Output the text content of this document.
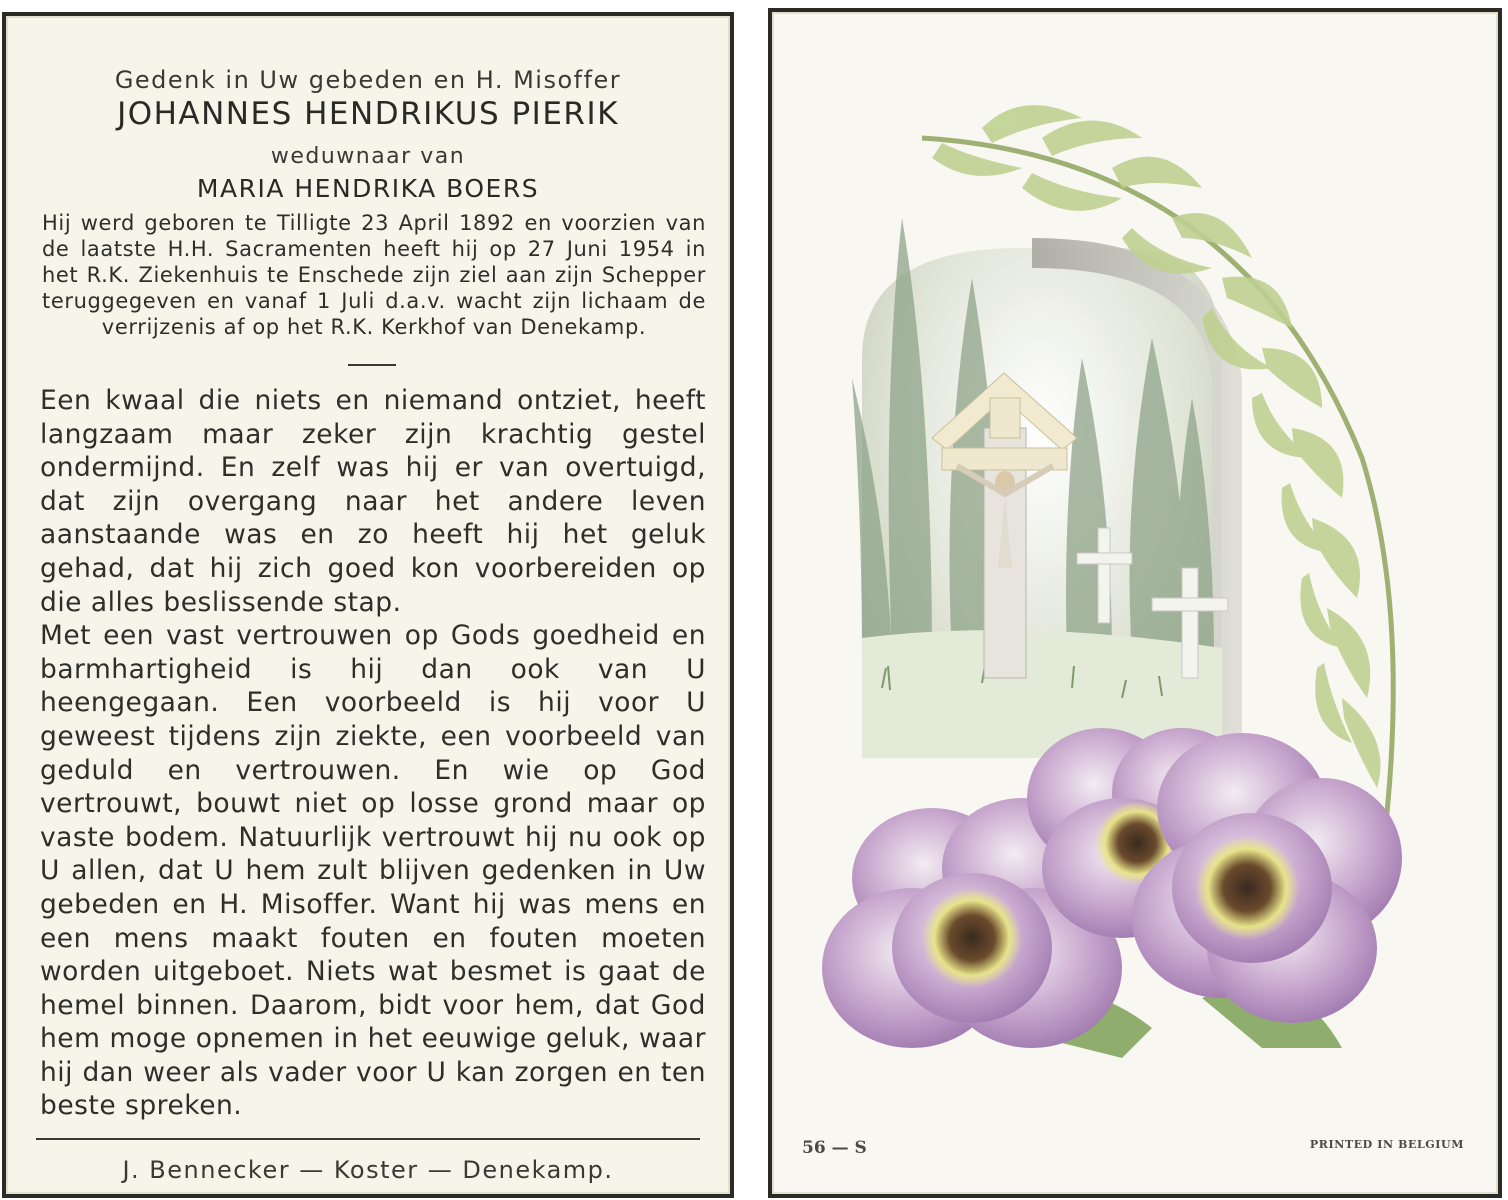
Gedenk in Uw gebeden en H. Misoffer
JOHANNES HENDRIKUS PIERIK
weduwnaar van
MARIA HENDRIKA BOERS
Hij werd geboren te Tilligte 23 April 1892 en voorzien van de laatste H.H. Sacramenten heeft hij op 27 Juni 1954 in het R.K. Ziekenhuis te Enschede zijn ziel aan zijn Schepper teruggegeven en vanaf 1 Juli d.a.v. wacht zijn lichaam de verrijzenis af op het R.K. Kerkhof van Denekamp.

Een kwaal die niets en niemand ontziet, heeft langzaam maar zeker zijn krachtig gestel ondermijnd. En zelf was hij er van overtuigd, dat zijn overgang naar het andere leven aanstaande was en zo heeft hij het geluk gehad, dat hij zich goed kon voorbereiden op die alles beslissende stap.

Met een vast vertrouwen op Gods goedheid en barmhartigheid is hij dan ook van U heengegaan. Een voorbeeld is hij voor U geweest tijdens zijn ziekte, een voorbeeld van geduld en vertrouwen. En wie op God vertrouwt, bouwt niet op losse grond maar op vaste bodem. Natuurlijk vertrouwt hij nu ook op U allen, dat U hem zult blijven gedenken in Uw gebeden en H. Misoffer. Want hij was mens en een mens maakt fouten en fouten moeten worden uitgeboet. Niets wat besmet is gaat de hemel binnen. Daarom, bidt voor hem, dat God hem moge opnemen in het eeuwige geluk, waar hij dan weer als vader voor U kan zorgen en ten beste spreken.

J. Bennecker — Koster — Denekamp.
56 — S	PRINTED IN BELGIUM
